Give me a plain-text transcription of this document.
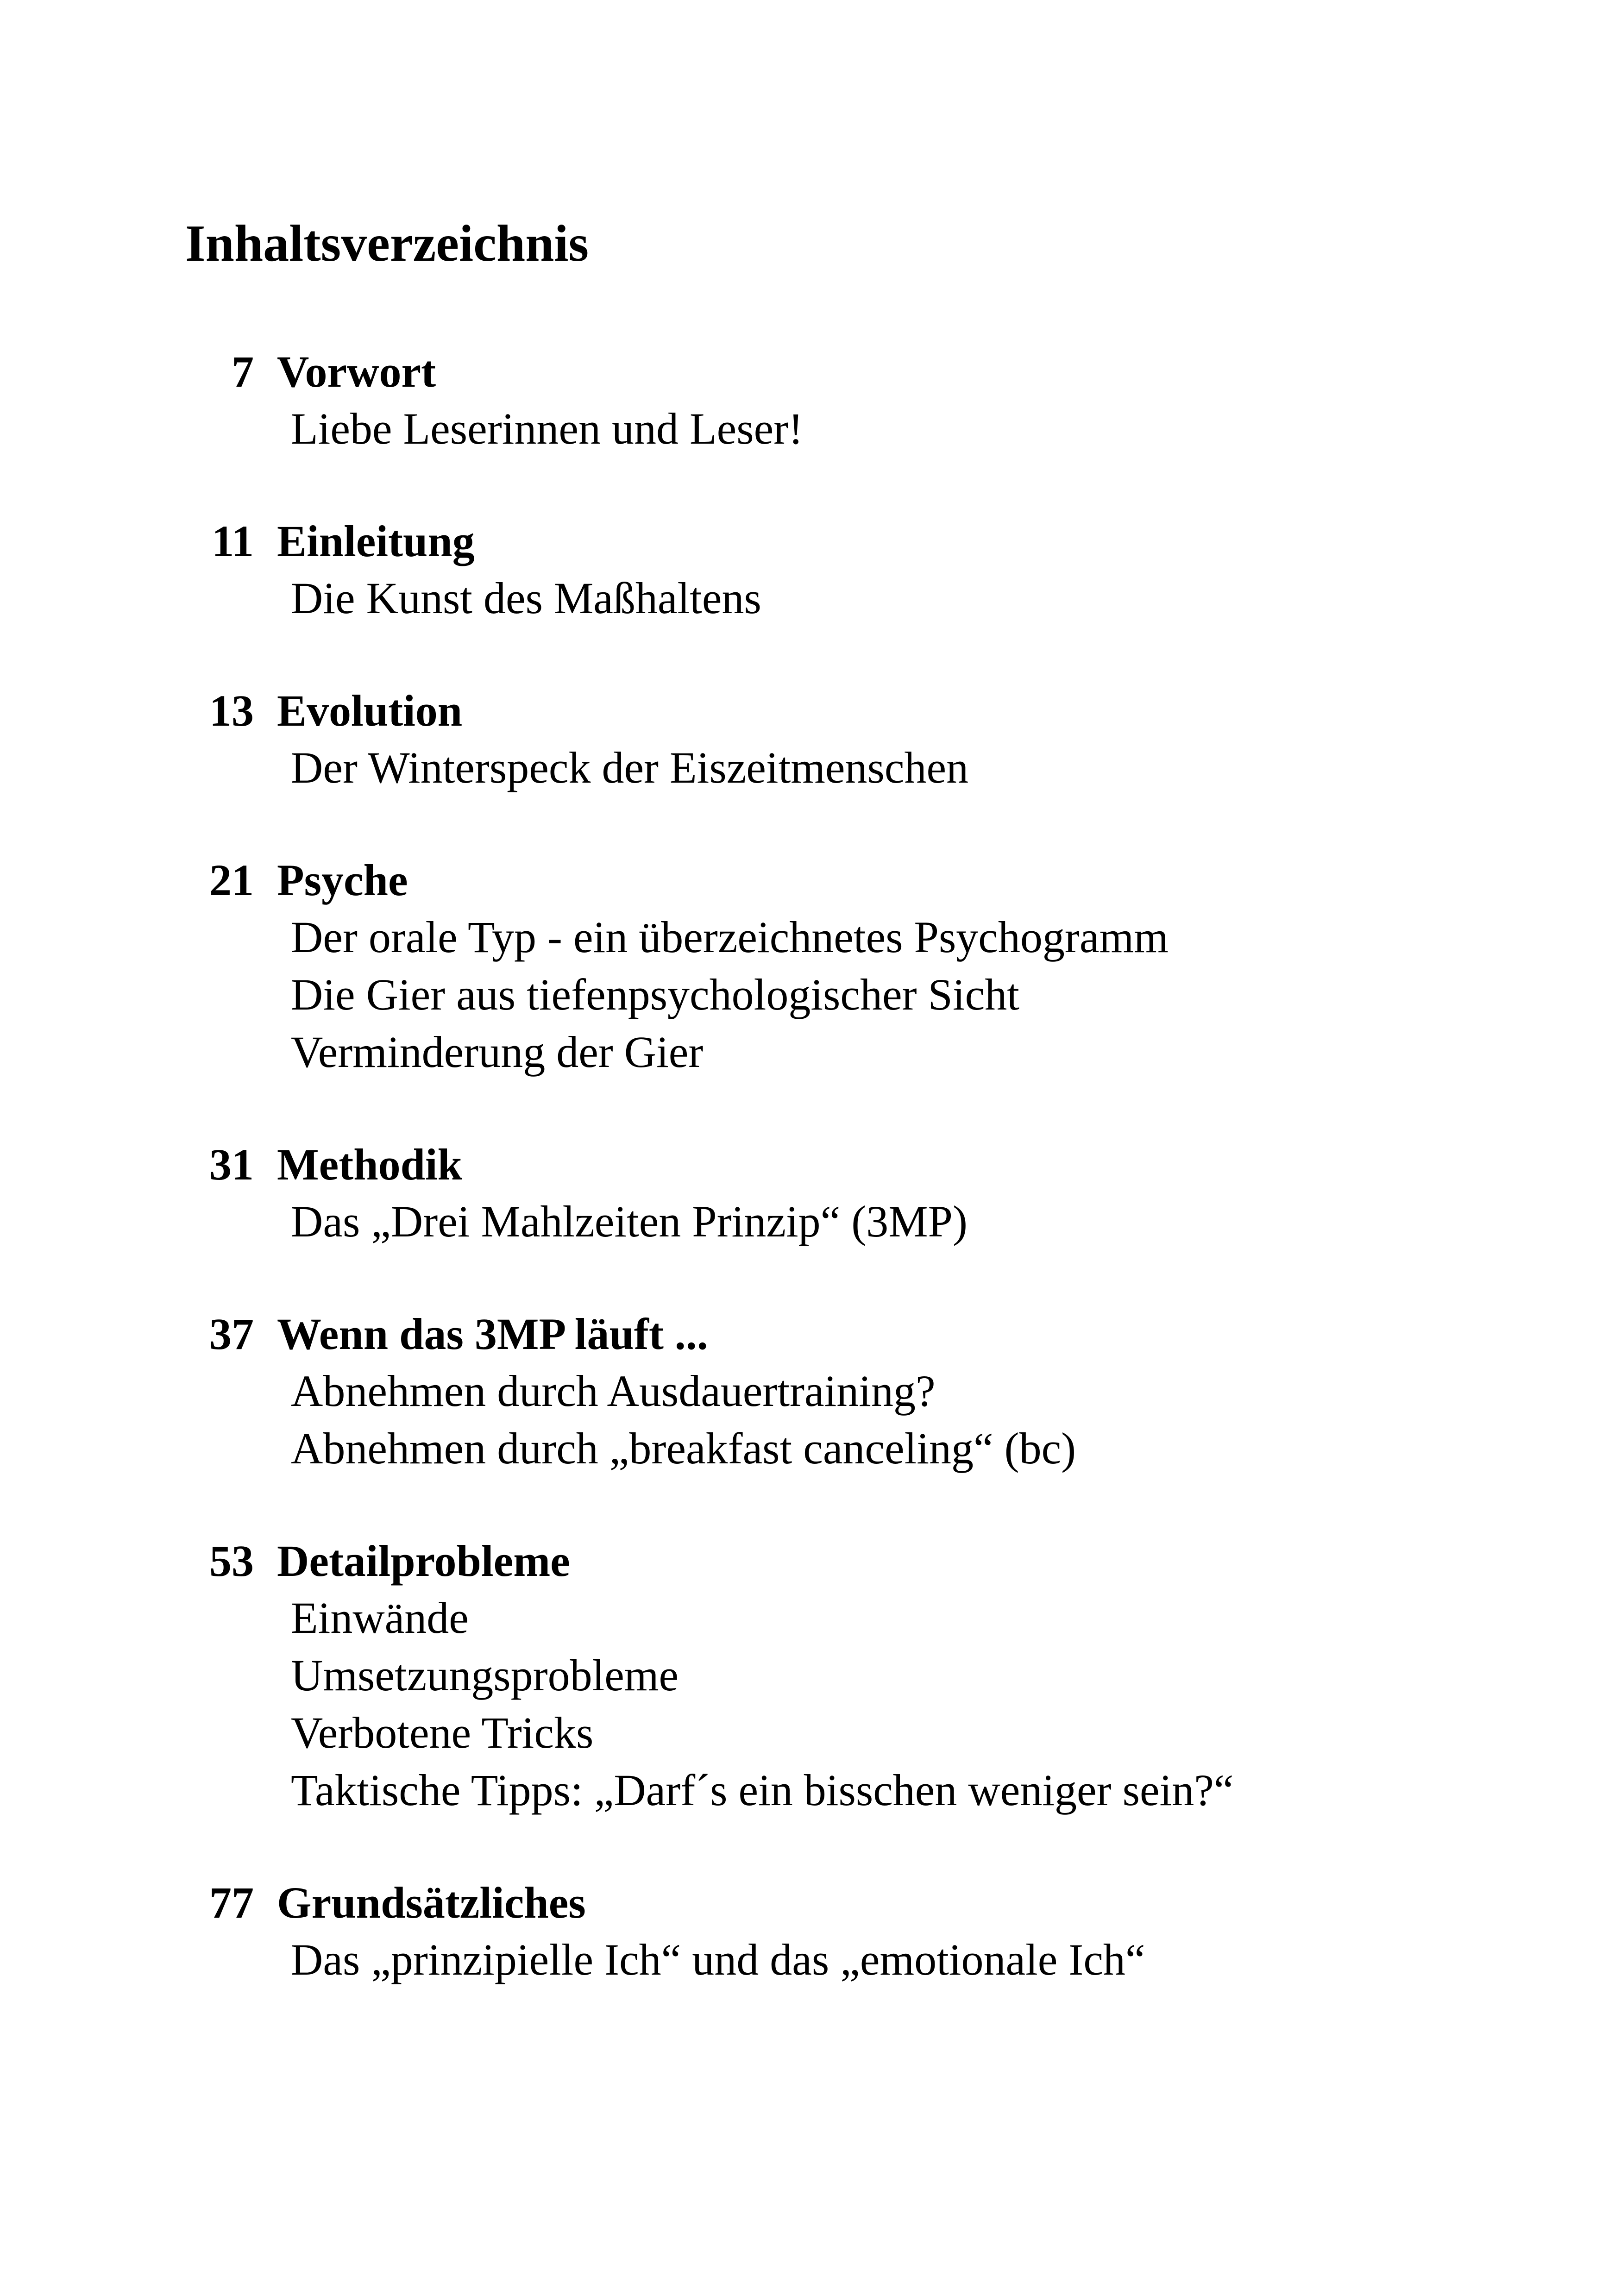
Inhaltsverzeichnis
7 Vorwort
Liebe Leserinnen und Leser!
11 Einleitung
Die Kunst des Maßhaltens
13 Evolution
Der Winterspeck der Eiszeitmenschen
21 Psyche
Der orale Typ - ein überzeichnetes Psychogramm
Die Gier aus tiefenpsychologischer Sicht
Verminderung der Gier
31 Methodik
Das „Drei Mahlzeiten Prinzip“ (3MP)
37 Wenn das 3MP läuft ...
Abnehmen durch Ausdauertraining?
Abnehmen durch „breakfast canceling“ (bc)
53 Detailprobleme
Einwände
Umsetzungsprobleme
Verbotene Tricks
Taktische Tipps: „Darf´s ein bisschen weniger sein?“
77 Grundsätzliches
Das „prinzipielle Ich“ und das „emotionale Ich“
